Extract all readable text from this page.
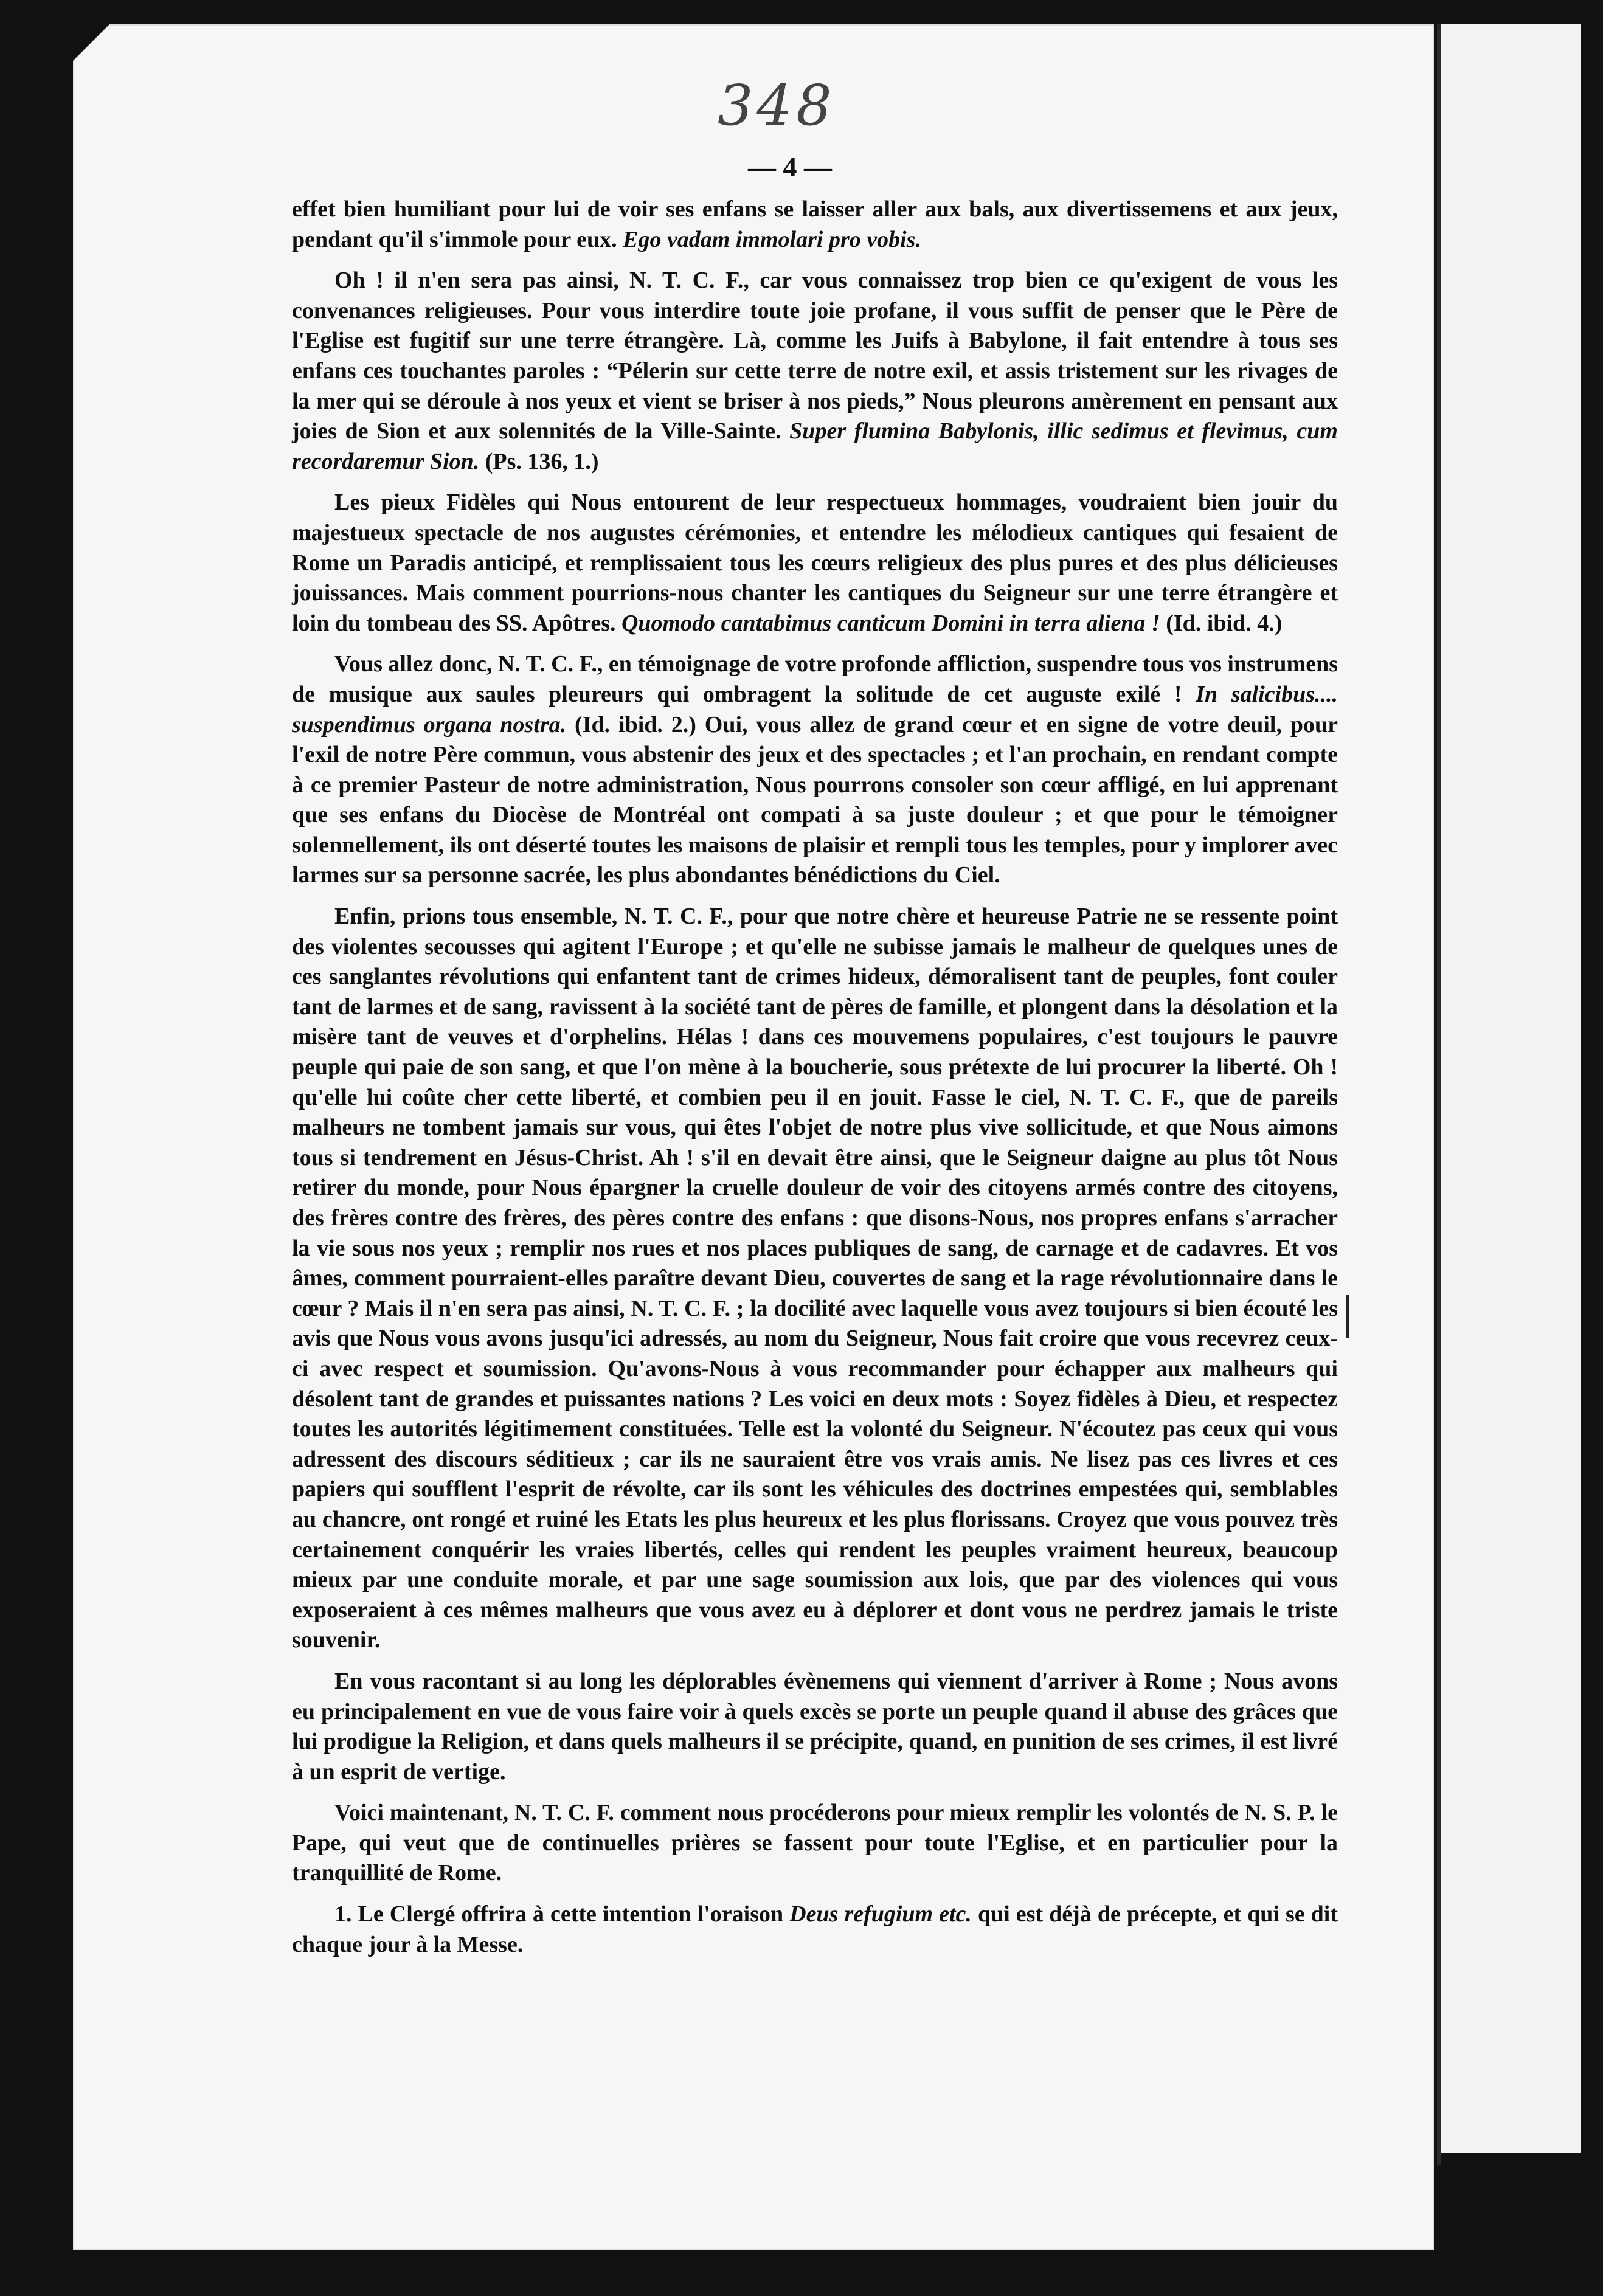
348
— 4 —

effet bien humiliant pour lui de voir ses enfans se laisser aller aux bals, aux divertissemens et aux jeux, pendant qu'il s'immole pour eux. Ego vadam immolari pro vobis.

Oh ! il n'en sera pas ainsi, N. T. C. F., car vous connaissez trop bien ce qu'exigent de vous les convenances religieuses. Pour vous interdire toute joie profane, il vous suffit de penser que le Père de l'Eglise est fugitif sur une terre étrangère. Là, comme les Juifs à Babylone, il fait entendre à tous ses enfans ces touchantes paroles : “Pélerin sur cette terre de notre exil, et assis tristement sur les rivages de la mer qui se déroule à nos yeux et vient se briser à nos pieds,” Nous pleurons amèrement en pensant aux joies de Sion et aux solennités de la Ville-Sainte. Super flumina Babylonis, illic sedimus et flevimus, cum recordaremur Sion. (Ps. 136, 1.)

Les pieux Fidèles qui Nous entourent de leur respectueux hommages, voudraient bien jouir du majestueux spectacle de nos augustes cérémonies, et entendre les mélodieux cantiques qui fesaient de Rome un Paradis anticipé, et remplissaient tous les cœurs religieux des plus pures et des plus délicieuses jouissances. Mais comment pourrions-nous chanter les cantiques du Seigneur sur une terre étrangère et loin du tombeau des SS. Apôtres. Quomodo cantabimus canticum Domini in terra aliena ! (Id. ibid. 4.)

Vous allez donc, N. T. C. F., en témoignage de votre profonde affliction, suspendre tous vos instrumens de musique aux saules pleureurs qui ombragent la solitude de cet auguste exilé ! In salicibus.... suspendimus organa nostra. (Id. ibid. 2.) Oui, vous allez de grand cœur et en signe de votre deuil, pour l'exil de notre Père commun, vous abstenir des jeux et des spectacles ; et l'an prochain, en rendant compte à ce premier Pasteur de notre administration, Nous pourrons consoler son cœur affligé, en lui apprenant que ses enfans du Diocèse de Montréal ont compati à sa juste douleur ; et que pour le témoigner solennellement, ils ont déserté toutes les maisons de plaisir et rempli tous les temples, pour y implorer avec larmes sur sa personne sacrée, les plus abondantes bénédictions du Ciel.

Enfin, prions tous ensemble, N. T. C. F., pour que notre chère et heureuse Patrie ne se ressente point des violentes secousses qui agitent l'Europe ; et qu'elle ne subisse jamais le malheur de quelques unes de ces sanglantes révolutions qui enfantent tant de crimes hideux, démoralisent tant de peuples, font couler tant de larmes et de sang, ravissent à la société tant de pères de famille, et plongent dans la désolation et la misère tant de veuves et d'orphelins. Hélas ! dans ces mouvemens populaires, c'est toujours le pauvre peuple qui paie de son sang, et que l'on mène à la boucherie, sous prétexte de lui procurer la liberté. Oh ! qu'elle lui coûte cher cette liberté, et combien peu il en jouit. Fasse le ciel, N. T. C. F., que de pareils malheurs ne tombent jamais sur vous, qui êtes l'objet de notre plus vive sollicitude, et que Nous aimons tous si tendrement en Jésus-Christ. Ah ! s'il en devait être ainsi, que le Seigneur daigne au plus tôt Nous retirer du monde, pour Nous épargner la cruelle douleur de voir des citoyens armés contre des citoyens, des frères contre des frères, des pères contre des enfans : que disons-Nous, nos propres enfans s'arracher la vie sous nos yeux ; remplir nos rues et nos places publiques de sang, de carnage et de cadavres. Et vos âmes, comment pourraient-elles paraître devant Dieu, couvertes de sang et la rage révolutionnaire dans le cœur ? Mais il n'en sera pas ainsi, N. T. C. F. ; la docilité avec laquelle vous avez toujours si bien écouté les avis que Nous vous avons jusqu'ici adressés, au nom du Seigneur, Nous fait croire que vous recevrez ceux-ci avec respect et soumission. Qu'avons-Nous à vous recommander pour échapper aux malheurs qui désolent tant de grandes et puissantes nations ? Les voici en deux mots : Soyez fidèles à Dieu, et respectez toutes les autorités légitimement constituées. Telle est la volonté du Seigneur. N'écoutez pas ceux qui vous adressent des discours séditieux ; car ils ne sauraient être vos vrais amis. Ne lisez pas ces livres et ces papiers qui soufflent l'esprit de révolte, car ils sont les véhicules des doctrines empestées qui, semblables au chancre, ont rongé et ruiné les Etats les plus heureux et les plus florissans. Croyez que vous pouvez très certainement conquérir les vraies libertés, celles qui rendent les peuples vraiment heureux, beaucoup mieux par une conduite morale, et par une sage soumission aux lois, que par des violences qui vous exposeraient à ces mêmes malheurs que vous avez eu à déplorer et dont vous ne perdrez jamais le triste souvenir.

En vous racontant si au long les déplorables évènemens qui viennent d'arriver à Rome ; Nous avons eu principalement en vue de vous faire voir à quels excès se porte un peuple quand il abuse des grâces que lui prodigue la Religion, et dans quels malheurs il se précipite, quand, en punition de ses crimes, il est livré à un esprit de vertige.

Voici maintenant, N. T. C. F. comment nous procéderons pour mieux remplir les volontés de N. S. P. le Pape, qui veut que de continuelles prières se fassent pour toute l'Eglise, et en particulier pour la tranquillité de Rome.

1. Le Clergé offrira à cette intention l'oraison Deus refugium etc. qui est déjà de précepte, et qui se dit chaque jour à la Messe.
